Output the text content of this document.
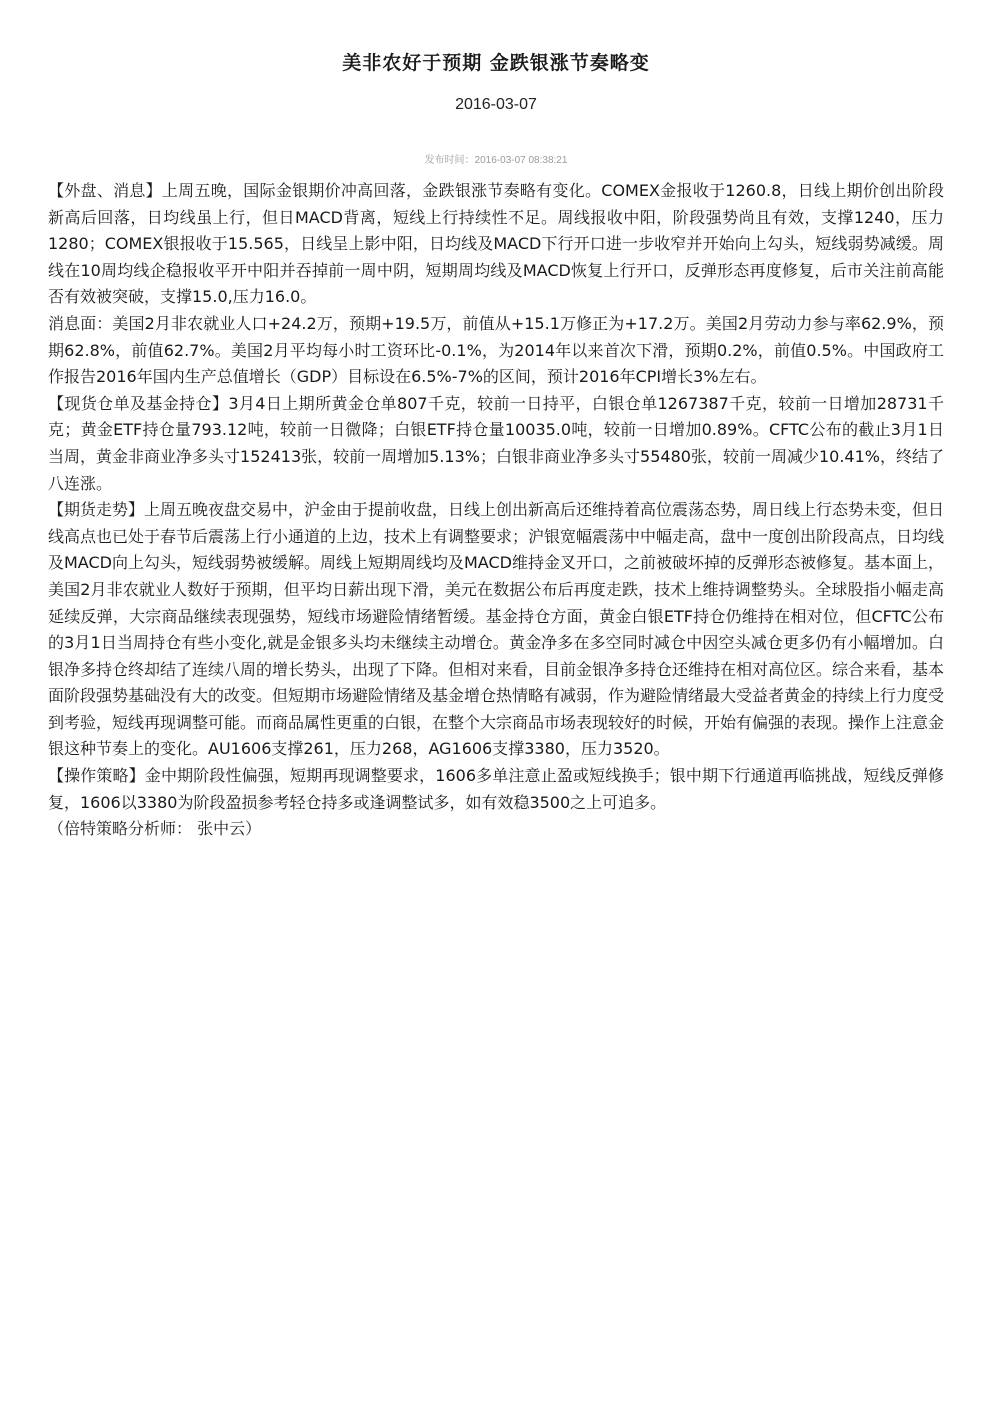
美非农好于预期 金跌银涨节奏略变
2016-03-07
发布时间：2016-03-07 08:38:21

【外盘、消息】上周五晚，国际金银期价冲高回落，金跌银涨节奏略有变化。COMEX金报收于1260.8，日线上期价创出阶段新高后回落，日均线虽上行，但日MACD背离，短线上行持续性不足。周线报收中阳，阶段强势尚且有效，支撑1240，压力1280；COMEX银报收于15.565，日线呈上影中阳，日均线及MACD下行开口进一步收窄并开始向上勾头，短线弱势减缓。周线在10周均线企稳报收平开中阳并吞掉前一周中阴，短期周均线及MACD恢复上行开口，反弹形态再度修复，后市关注前高能否有效被突破，支撑15.0,压力16.0。

消息面：美国2月非农就业人口+24.2万，预期+19.5万，前值从+15.1万修正为+17.2万。美国2月劳动力参与率62.9%，预期62.8%，前值62.7%。美国2月平均每小时工资环比-0.1%，为2014年以来首次下滑，预期0.2%，前值0.5%。中国政府工作报告2016年国内生产总值增长（GDP）目标设在6.5%-7%的区间，预计2016年CPI增长3%左右。

【现货仓单及基金持仓】3月4日上期所黄金仓单807千克，较前一日持平，白银仓单1267387千克，较前一日增加28731千克；黄金ETF持仓量793.12吨，较前一日微降；白银ETF持仓量10035.0吨，较前一日增加0.89%。CFTC公布的截止3月1日当周，黄金非商业净多头寸152413张，较前一周增加5.13%；白银非商业净多头寸55480张，较前一周减少10.41%，终结了八连涨。

【期货走势】上周五晚夜盘交易中，沪金由于提前收盘，日线上创出新高后还维持着高位震荡态势，周日线上行态势未变，但日线高点也已处于春节后震荡上行小通道的上边，技术上有调整要求；沪银宽幅震荡中中幅走高，盘中一度创出阶段高点，日均线及MACD向上勾头，短线弱势被缓解。周线上短期周线均及MACD维持金叉开口，之前被破坏掉的反弹形态被修复。基本面上，美国2月非农就业人数好于预期，但平均日薪出现下滑，美元在数据公布后再度走跌，技术上维持调整势头。全球股指小幅走高延续反弹，大宗商品继续表现强势，短线市场避险情绪暂缓。基金持仓方面，黄金白银ETF持仓仍维持在相对位，但CFTC公布的3月1日当周持仓有些小变化,就是金银多头均未继续主动增仓。黄金净多在多空同时减仓中因空头减仓更多仍有小幅增加。白银净多持仓终却结了连续八周的增长势头，出现了下降。但相对来看，目前金银净多持仓还维持在相对高位区。综合来看，基本面阶段强势基础没有大的改变。但短期市场避险情绪及基金增仓热情略有减弱，作为避险情绪最大受益者黄金的持续上行力度受到考验，短线再现调整可能。而商品属性更重的白银，在整个大宗商品市场表现较好的时候，开始有偏强的表现。操作上注意金银这种节奏上的变化。AU1606支撑261，压力268，AG1606支撑3380，压力3520。

【操作策略】金中期阶段性偏强，短期再现调整要求，1606多单注意止盈或短线换手；银中期下行通道再临挑战，短线反弹修复，1606以3380为阶段盈损参考轻仓持多或逢调整试多，如有效稳3500之上可追多。

（倍特策略分析师： 张中云）
